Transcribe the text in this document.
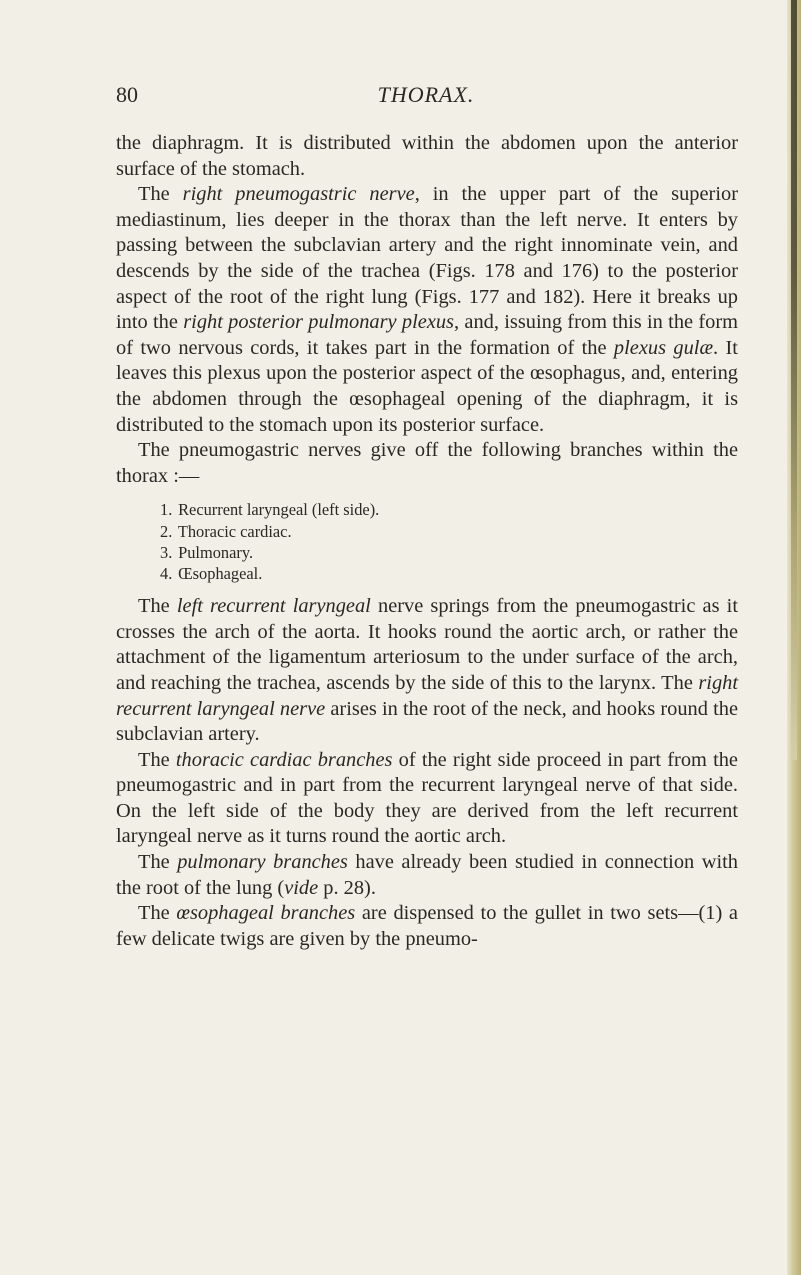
80	THORAX.

the diaphragm. It is distributed within the abdomen upon the anterior surface of the stomach.

The right pneumogastric nerve, in the upper part of the superior mediastinum, lies deeper in the thorax than the left nerve. It enters by passing between the subclavian artery and the right innominate vein, and descends by the side of the trachea (Figs. 178 and 176) to the posterior aspect of the root of the right lung (Figs. 177 and 182). Here it breaks up into the right posterior pulmonary plexus, and, issuing from this in the form of two nervous cords, it takes part in the formation of the plexus gulæ. It leaves this plexus upon the posterior aspect of the œsophagus, and, entering the abdomen through the œsophageal opening of the diaphragm, it is distributed to the stomach upon its posterior surface.

The pneumogastric nerves give off the following branches within the thorax :—

1. Recurrent laryngeal (left side).
2. Thoracic cardiac.
3. Pulmonary.
4. Œsophageal.

The left recurrent laryngeal nerve springs from the pneumogastric as it crosses the arch of the aorta. It hooks round the aortic arch, or rather the attachment of the ligamentum arteriosum to the under surface of the arch, and reaching the trachea, ascends by the side of this to the larynx. The right recurrent laryngeal nerve arises in the root of the neck, and hooks round the subclavian artery.

The thoracic cardiac branches of the right side proceed in part from the pneumogastric and in part from the recurrent laryngeal nerve of that side. On the left side of the body they are derived from the left recurrent laryngeal nerve as it turns round the aortic arch.

The pulmonary branches have already been studied in connection with the root of the lung (vide p. 28).

The œsophageal branches are dispensed to the gullet in two sets—(1) a few delicate twigs are given by the pneumo-
